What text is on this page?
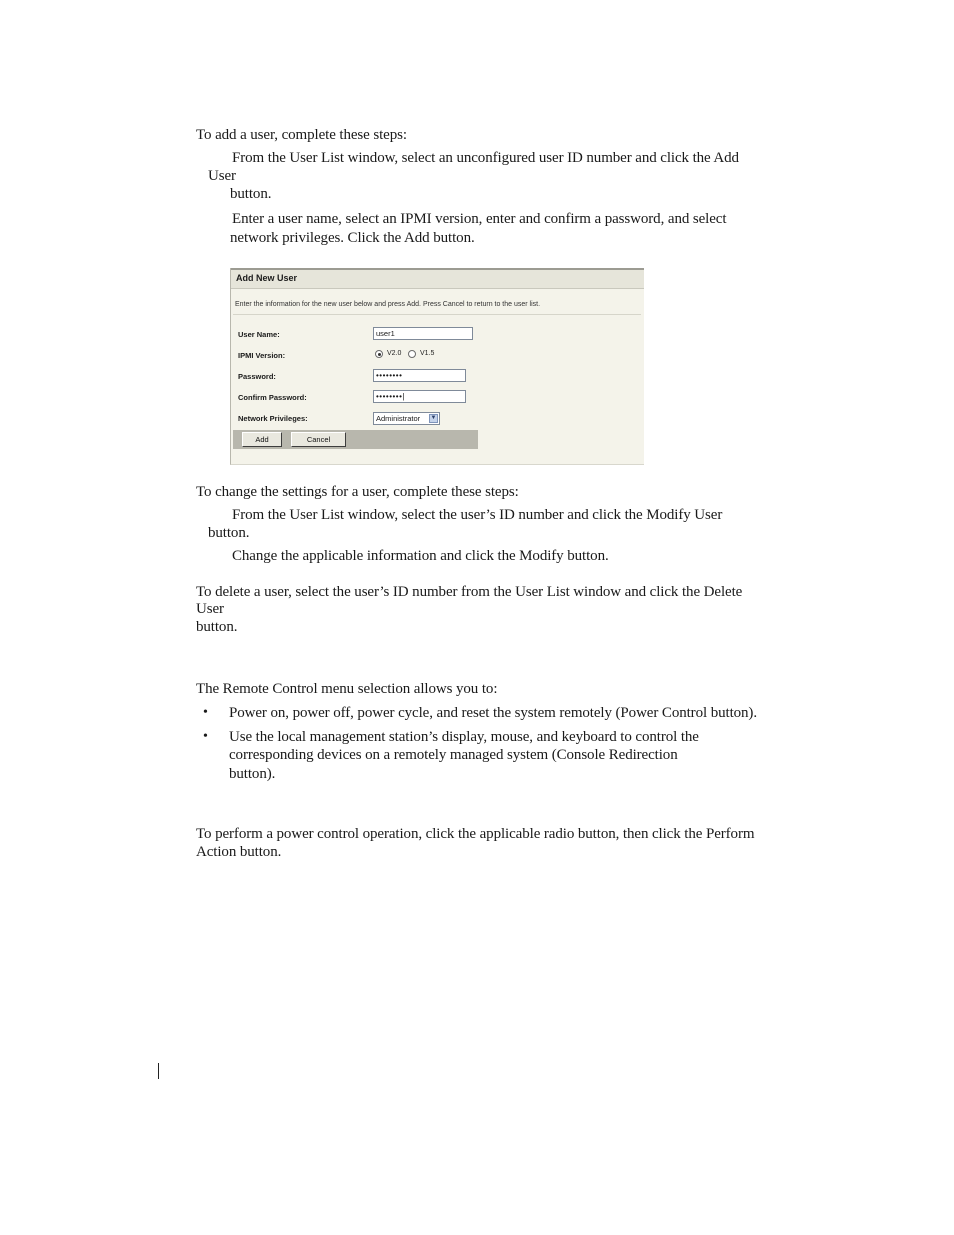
To add a user, complete these steps:
From the User List window, select an unconfigured user ID number and click the Add
User
button.
Enter a user name, select an IPMI version, enter and confirm a password, and select
network privileges. Click the Add button.
Add New User
Enter the information for the new user below and press Add. Press Cancel to return to the user list.
User Name:	user1
IPMI Version:	V2.0	V1.5
Password:	••••••••
Confirm Password:	••••••••|
Network Privileges:	Administrator ▼
Add	Cancel
To change the settings for a user, complete these steps:
From the User List window, select the user’s ID number and click the Modify User
button.
Change the applicable information and click the Modify button.
To delete a user, select the user’s ID number from the User List window and click the Delete
User
button.
The Remote Control menu selection allows you to:
• Power on, power off, power cycle, and reset the system remotely (Power Control button).
• Use the local management station’s display, mouse, and keyboard to control the
corresponding devices on a remotely managed system (Console Redirection
button).
To perform a power control operation, click the applicable radio button, then click the Perform
Action button.
